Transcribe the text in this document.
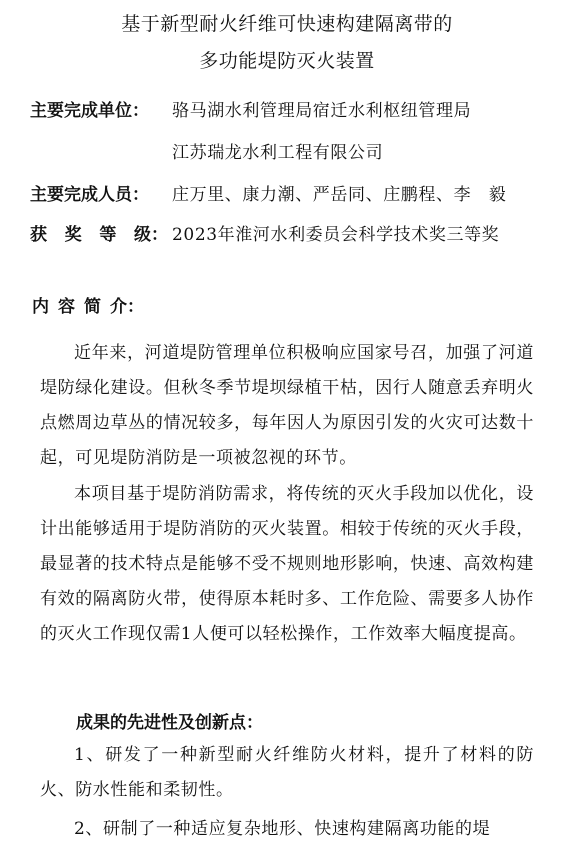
基于新型耐火纤维可快速构建隔离带的
多功能堤防灭火装置
主要完成单位：	骆马湖水利管理局宿迁水利枢纽管理局
江苏瑞龙水利工程有限公司
主要完成人员：	庄万里、康力潮、严岳同、庄鹏程、李　毅
获 奖 等 级： 2023年淮河水利委员会科学技术奖三等奖
内 容 简 介：

近年来，河道堤防管理单位积极响应国家号召，加强了河道堤防绿化建设。但秋冬季节堤坝绿植干枯，因行人随意丢弃明火点燃周边草丛的情况较多，每年因人为原因引发的火灾可达数十起，可见堤防消防是一项被忽视的环节。

本项目基于堤防消防需求，将传统的灭火手段加以优化，设计出能够适用于堤防消防的灭火装置。相较于传统的灭火手段，最显著的技术特点是能够不受不规则地形影响，快速、高效构建有效的隔离防火带，使得原本耗时多、工作危险、需要多人协作的灭火工作现仅需1人便可以轻松操作，工作效率大幅度提高。

成果的先进性及创新点：

1、研发了一种新型耐火纤维防火材料，提升了材料的防火、防水性能和柔韧性。

2、研制了一种适应复杂地形、快速构建隔离功能的堤
